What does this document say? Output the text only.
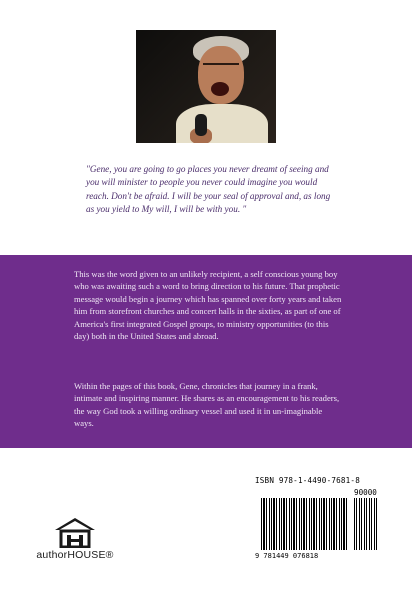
"Gene, you are going to go places you never dreamt of seeing and you will minister to people you never could imagine you would reach. Don't be afraid. I will be your seal of approval and, as long as you yield to My will, I will be with you. "

This was the word given to an unlikely recipient, a self conscious young boy who was awaiting such a word to bring direction to his future. That prophetic message would begin a journey which has spanned over forty years and taken him from storefront churches and concert halls in the sixties, as part of one of America's first integrated Gospel groups, to ministry opportunities (to this day) both in the United States and abroad.

Within the pages of this book, Gene, chronicles that journey in a frank, intimate and inspiring manner. He shares as an encouragement to his readers, the way God took a willing ordinary vessel and used it in un-imaginable ways.

authorHOUSE®
ISBN 978-1-4490-7681-8
90000
9 781449 076818
